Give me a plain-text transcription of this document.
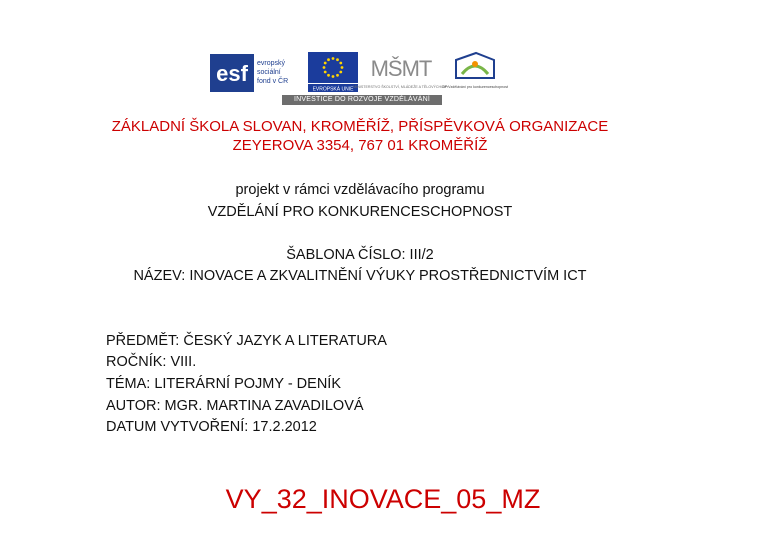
esf evropský
sociální
fond v ČR
EVROPSKÁ UNIE
MŠMT
MINISTERSTVO ŠKOLSTVÍ, MLÁDEŽE A TĚLOVÝCHOVY
OP Vzdělávání pro konkurenceschopnost
INVESTICE DO ROZVOJE VZDĚLÁVÁNÍ
ZÁKLADNÍ ŠKOLA SLOVAN, KROMĚŘÍŽ, PŘÍSPĚVKOVÁ ORGANIZACE
ZEYEROVA 3354, 767 01 KROMĚŘÍŽ
projekt v rámci vzdělávacího programu
VZDĚLÁNÍ PRO KONKURENCESCHOPNOST
ŠABLONA ČÍSLO: III/2
NÁZEV: INOVACE A ZKVALITNĚNÍ VÝUKY PROSTŘEDNICTVÍM ICT
PŘEDMĚT: ČESKÝ JAZYK A LITERATURA
ROČNÍK: VIII.
TÉMA: LITERÁRNÍ POJMY - DENÍK
AUTOR: MGR. MARTINA ZAVADILOVÁ
DATUM VYTVOŘENÍ: 17.2.2012
VY_32_INOVACE_05_MZ
